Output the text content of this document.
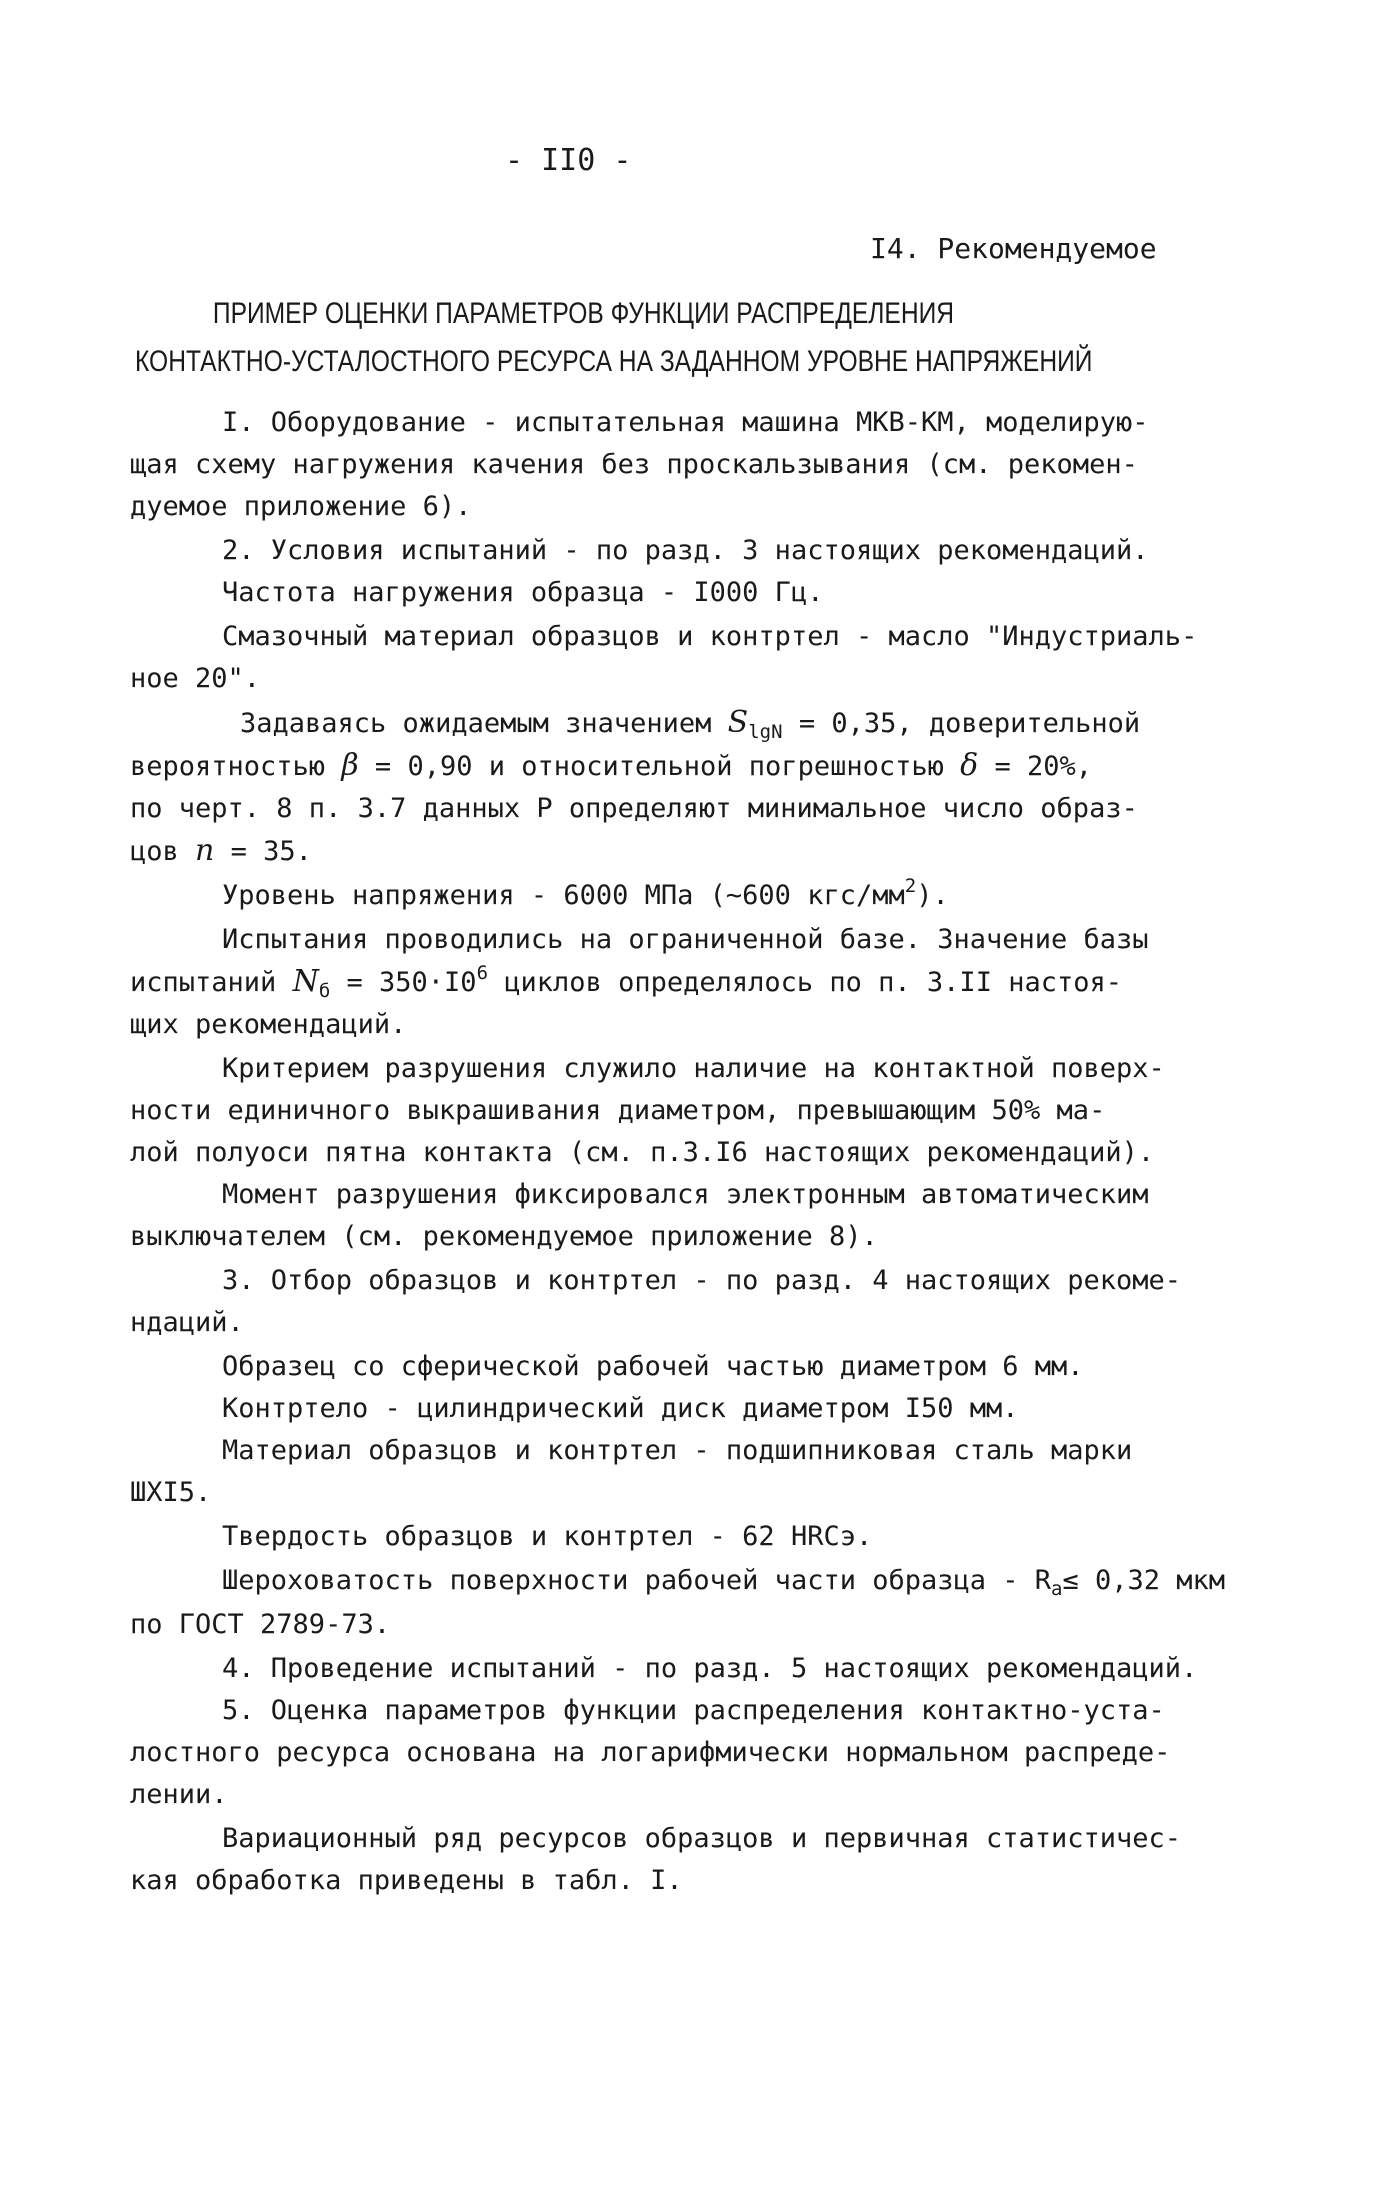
- II0 -
I4. Рекомендуемое
ПРИМЕР ОЦЕНКИ ПАРАМЕТРОВ ФУНКЦИИ РАСПРЕДЕЛЕНИЯ
КОНТАКТНО-УСТАЛОСТНОГО РЕСУРСА НА ЗАДАННОМ УРОВНЕ НАПРЯЖЕНИЙ
I. Оборудование - испытательная машина МКВ-КМ, моделирую-
щая схему нагружения качения без проскальзывания (см. рекомен-
дуемое приложение 6).
2. Условия испытаний - по разд. 3 настоящих рекомендаций.
Частота нагружения образца - I000 Гц.
Смазочный материал образцов и контртел - масло "Индустриаль-
ное 20".
Задаваясь ожидаемым значением $S_{lgN} = 0,35$, доверительной
вероятностью β = 0,90 и относительной погрешностью δ = 20%,
по черт. 8 п. 3.7 данных Р определяют минимальное число образ-
цов n = 35.
Уровень напряжения - 6000 МПа (~600 кгс/$мм^2$).
Испытания проводились на ограниченной базе. Значение базы
испытаний $N_б = 350\cdot I0^6$ циклов определялось по п. 3.II настоя-
щих рекомендаций.
Критерием разрушения служило наличие на контактной поверх-
ности единичного выкрашивания диаметром, превышающим 50% ма-
лой полуоси пятна контакта (см. п.3.I6 настоящих рекомендаций).
Момент разрушения фиксировался электронным автоматическим
выключателем (см. рекомендуемое приложение 8).
3. Отбор образцов и контртел - по разд. 4 настоящих рекоме-
ндаций.
Образец со сферической рабочей частью диаметром 6 мм.
Контртело - цилиндрический диск диаметром I50 мм.
Материал образцов и контртел - подшипниковая сталь марки
ШХI5.
Твердость образцов и контртел - 62 HRCэ.
Шероховатость поверхности рабочей части образца - $R_a\le 0,32$ мкм
по ГОСТ 2789-73.
4. Проведение испытаний - по разд. 5 настоящих рекомендаций.
5. Оценка параметров функции распределения контактно-уста-
лостного ресурса основана на логарифмически нормальном распреде-
лении.
Вариационный ряд ресурсов образцов и первичная статистичес-
кая обработка приведены в табл. I.
